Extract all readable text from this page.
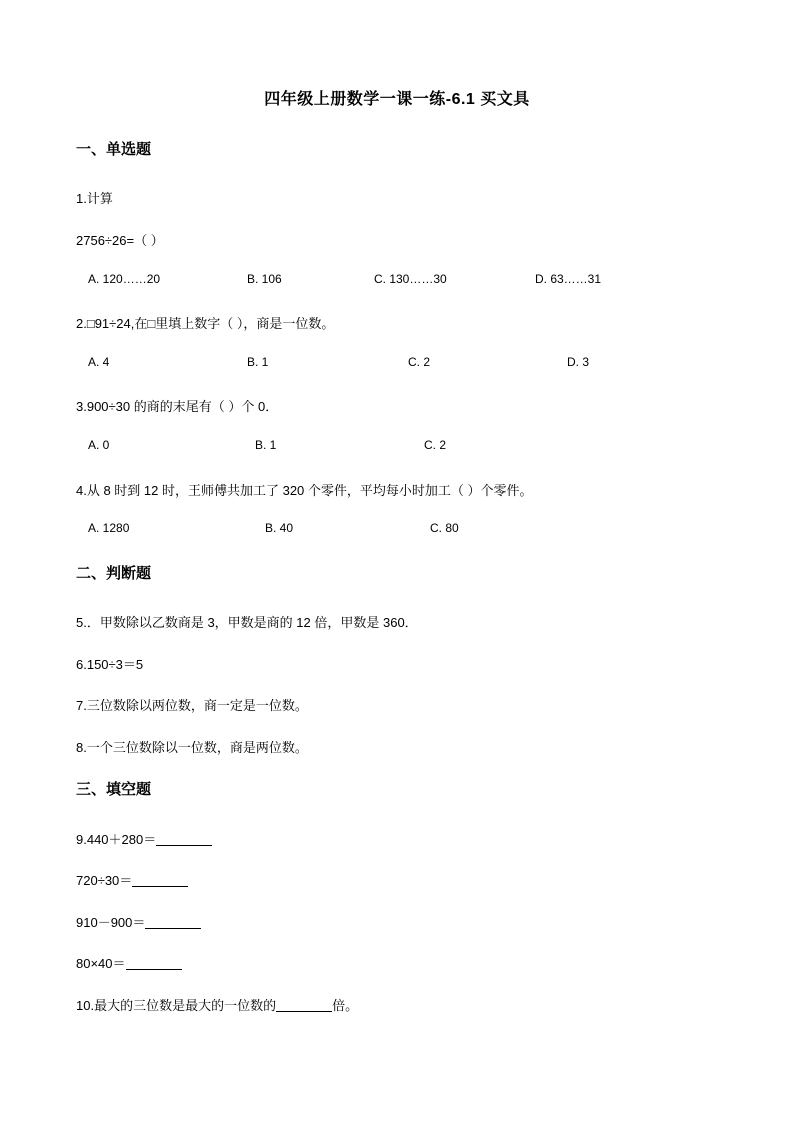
四年级上册数学一课一练-6.1 买文具
一、单选题
1.计算
2756÷26=（ ）
A. 120……20	B. 106	C. 130……30	D. 63……31
2.□91÷24,在□里填上数字（ ），商是一位数。
A. 4	B. 1	C. 2	D. 3
3.900÷30 的商的末尾有（ ）个 0．
A. 0	B. 1	C. 2
4.从 8 时到 12 时，王师傅共加工了 320 个零件，平均每小时加工（ ）个零件。
A. 1280	B. 40	C. 80
二、判断题
5.．甲数除以乙数商是 3，甲数是商的 12 倍，甲数是 360．
6.150÷3＝5
7.三位数除以两位数，商一定是一位数。
8.一个三位数除以一位数，商是两位数。
三、填空题
9.440＋280＝
720÷30＝
910－900＝
80×40＝
10.最大的三位数是最大的一位数的	倍。
